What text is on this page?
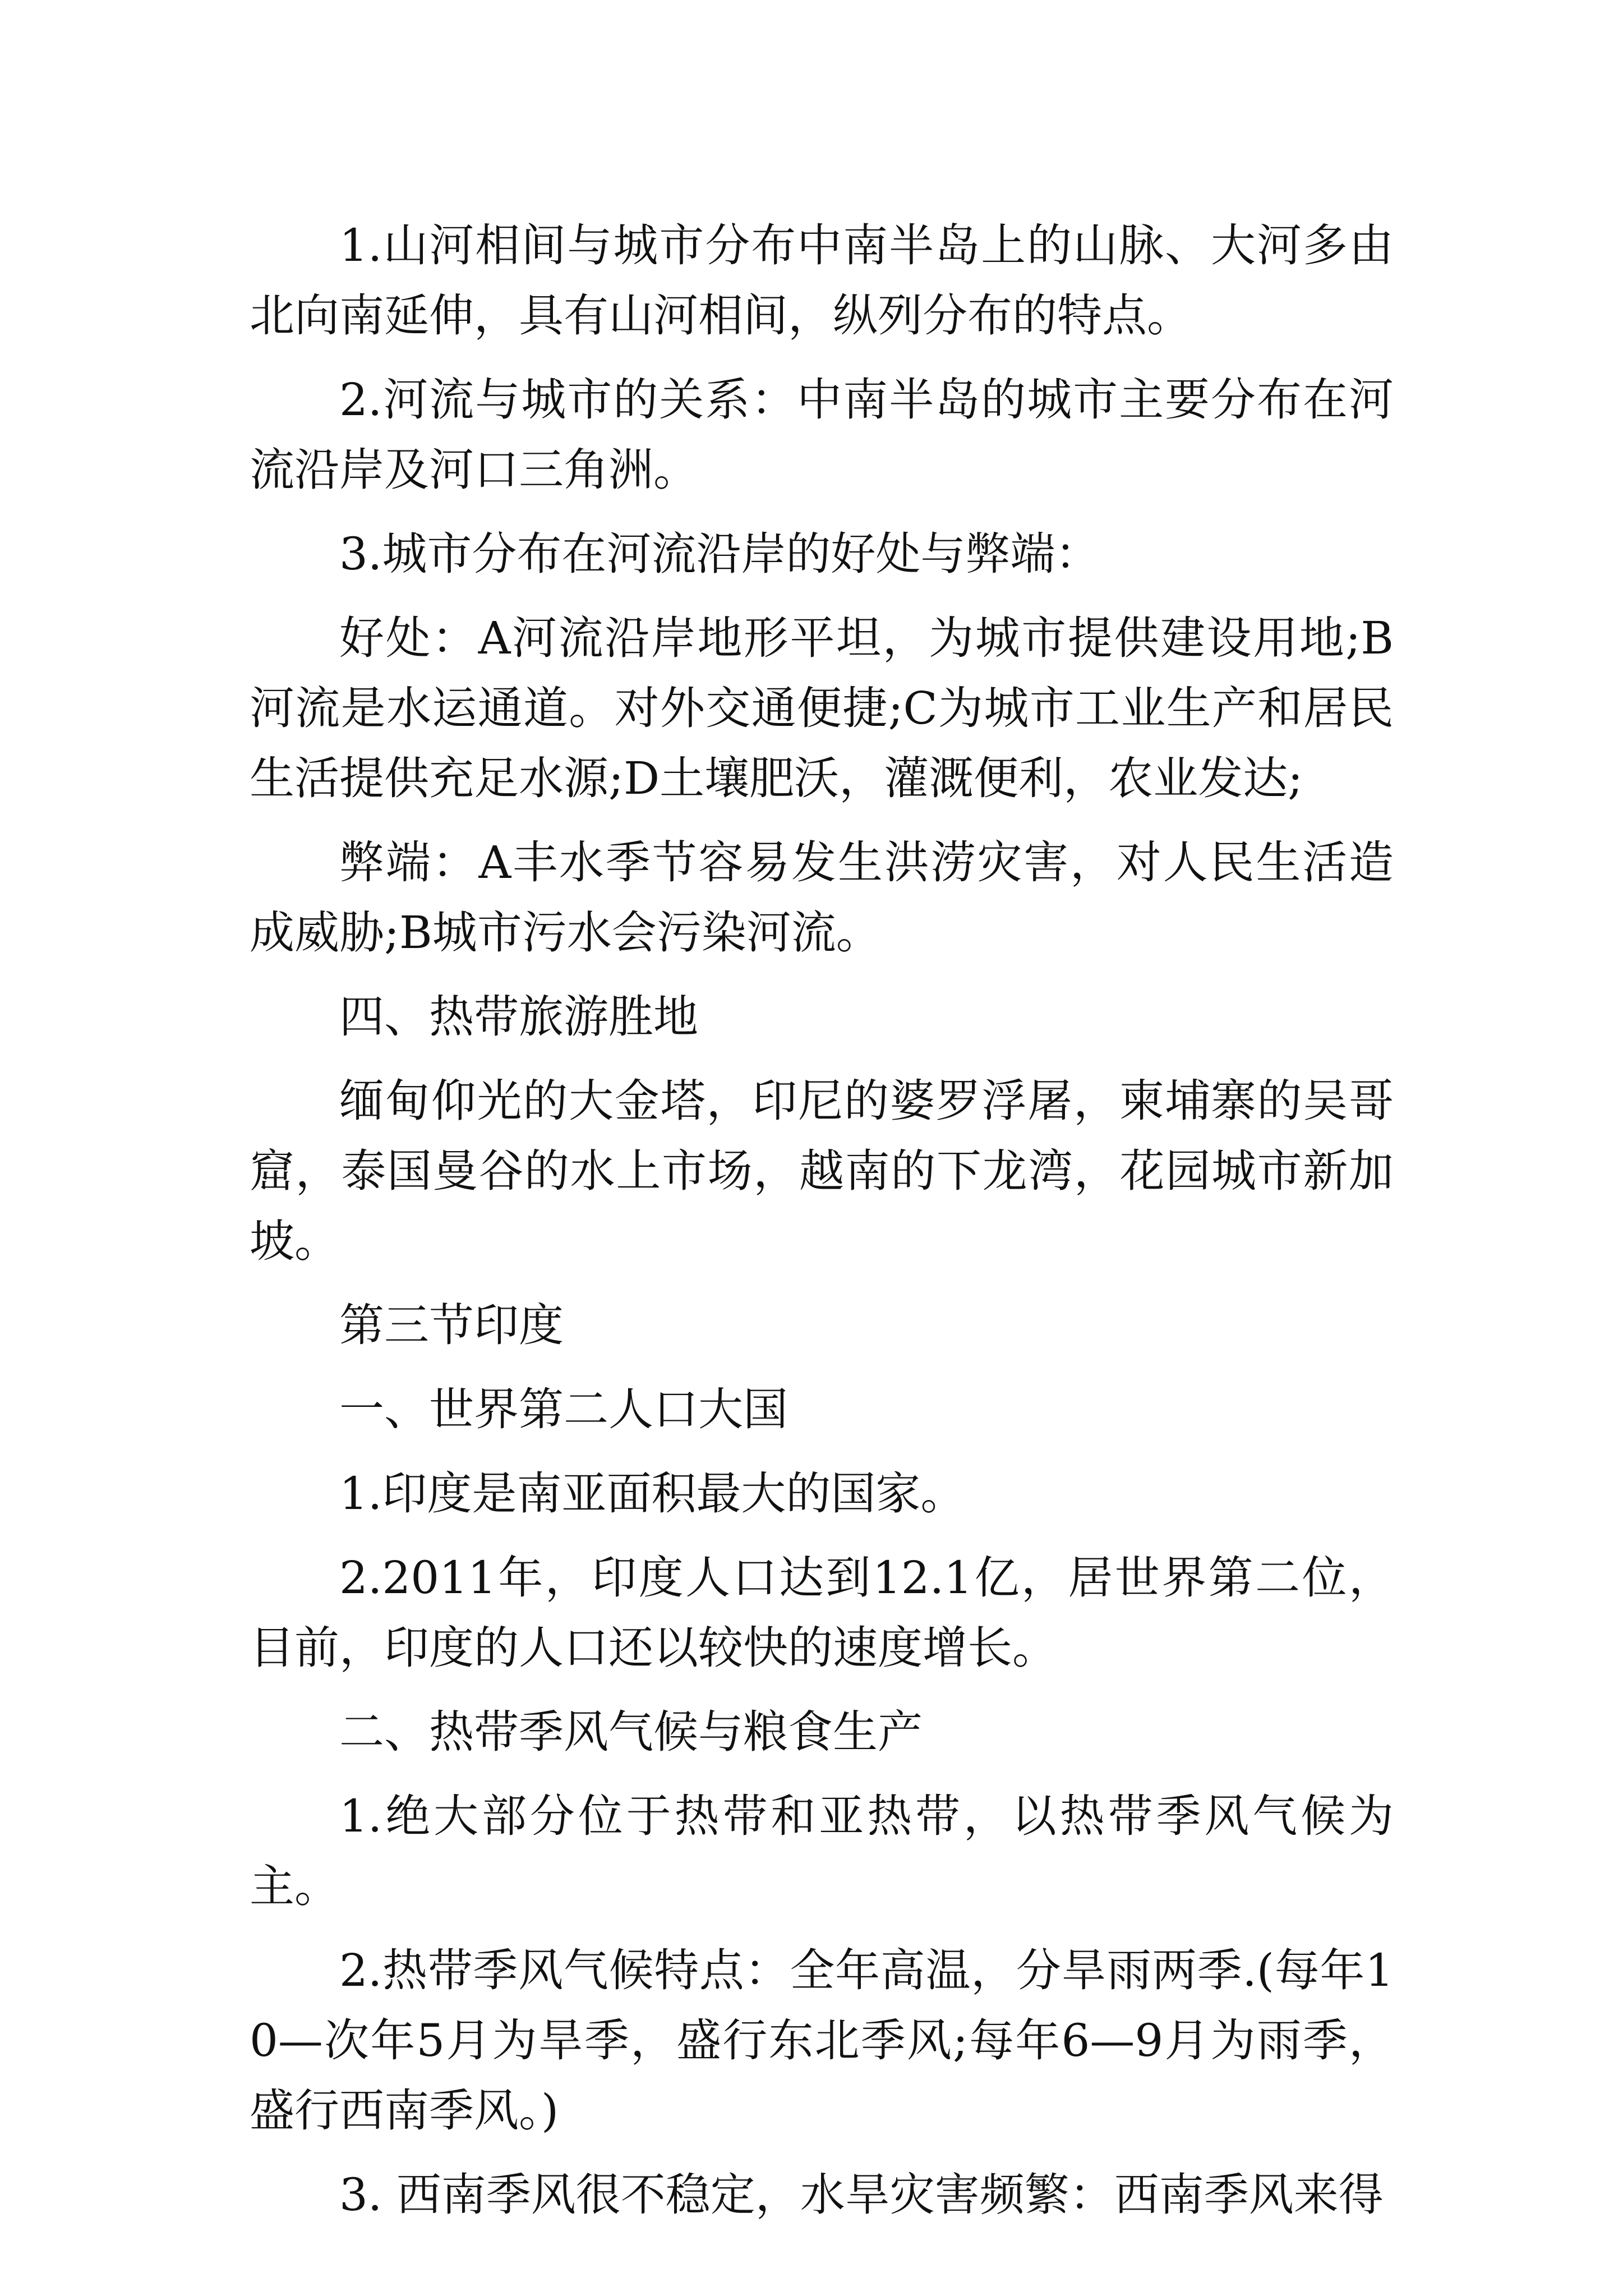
1.山河相间与城市分布中南半岛上的山脉、大河多由北向南延伸，具有山河相间，纵列分布的特点。

2.河流与城市的关系：中南半岛的城市主要分布在河流沿岸及河口三角洲。

3.城市分布在河流沿岸的好处与弊端：

好处：A河流沿岸地形平坦，为城市提供建设用地;B河流是水运通道。对外交通便捷;C为城市工业生产和居民生活提供充足水源;D土壤肥沃，灌溉便利，农业发达;

弊端：A丰水季节容易发生洪涝灾害，对人民生活造成威胁;B城市污水会污染河流。

四、热带旅游胜地

缅甸仰光的大金塔，印尼的婆罗浮屠，柬埔寨的吴哥窟，泰国曼谷的水上市场，越南的下龙湾，花园城市新加坡。

第三节印度

一、世界第二人口大国

1.印度是南亚面积最大的国家。

2.2011年，印度人口达到12.1亿，居世界第二位，目前，印度的人口还以较快的速度增长。

二、热带季风气候与粮食生产

1.绝大部分位于热带和亚热带，以热带季风气候为主。

2.热带季风气候特点：全年高温，分旱雨两季.(每年10—次年5月为旱季，盛行东北季风;每年6—9月为雨季，盛行西南季风。)

3. 西南季风很不稳定，水旱灾害频繁：西南季风来得
